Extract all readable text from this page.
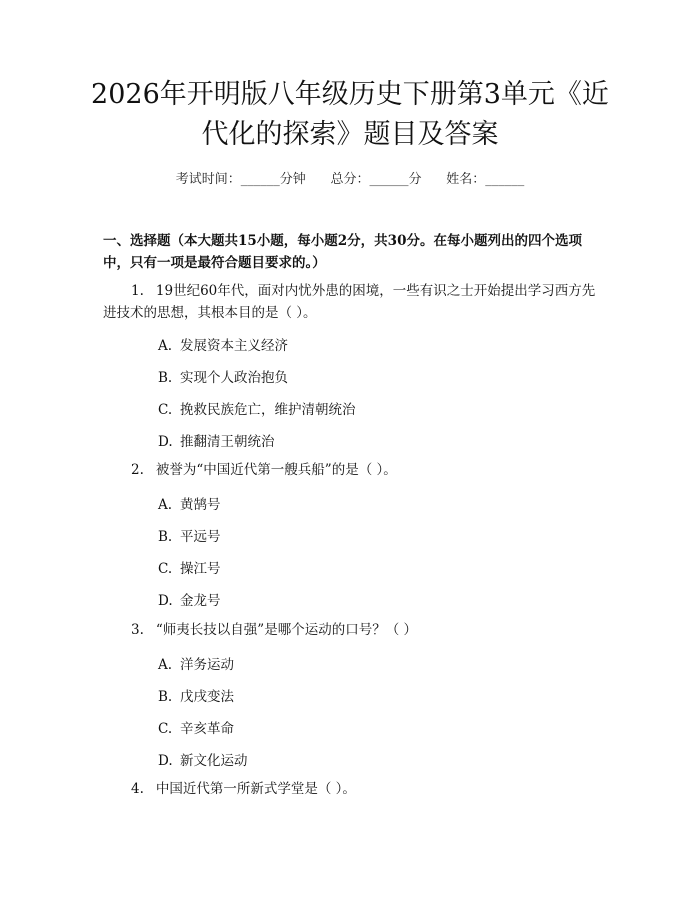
2026年开明版八年级历史下册第3单元《近代化的探索》题目及答案
考试时间：______分钟      总分：______分      姓名：______
一、选择题（本大题共15小题，每小题2分，共30分。在每小题列出的四个选项中，只有一项是最符合题目要求的。）
1. 19世纪60年代，面对内忧外患的困境，一些有识之士开始提出学习西方先进技术的思想，其根本目的是（ ）。
A. 发展资本主义经济
B. 实现个人政治抱负
C. 挽救民族危亡，维护清朝统治
D. 推翻清王朝统治
2. 被誉为“中国近代第一艘兵船”的是（ ）。
A. 黄鹄号
B. 平远号
C. 操江号
D. 金龙号
3. “师夷长技以自强”是哪个运动的口号？（ ）
A. 洋务运动
B. 戊戌变法
C. 辛亥革命
D. 新文化运动
4. 中国近代第一所新式学堂是（ ）。
